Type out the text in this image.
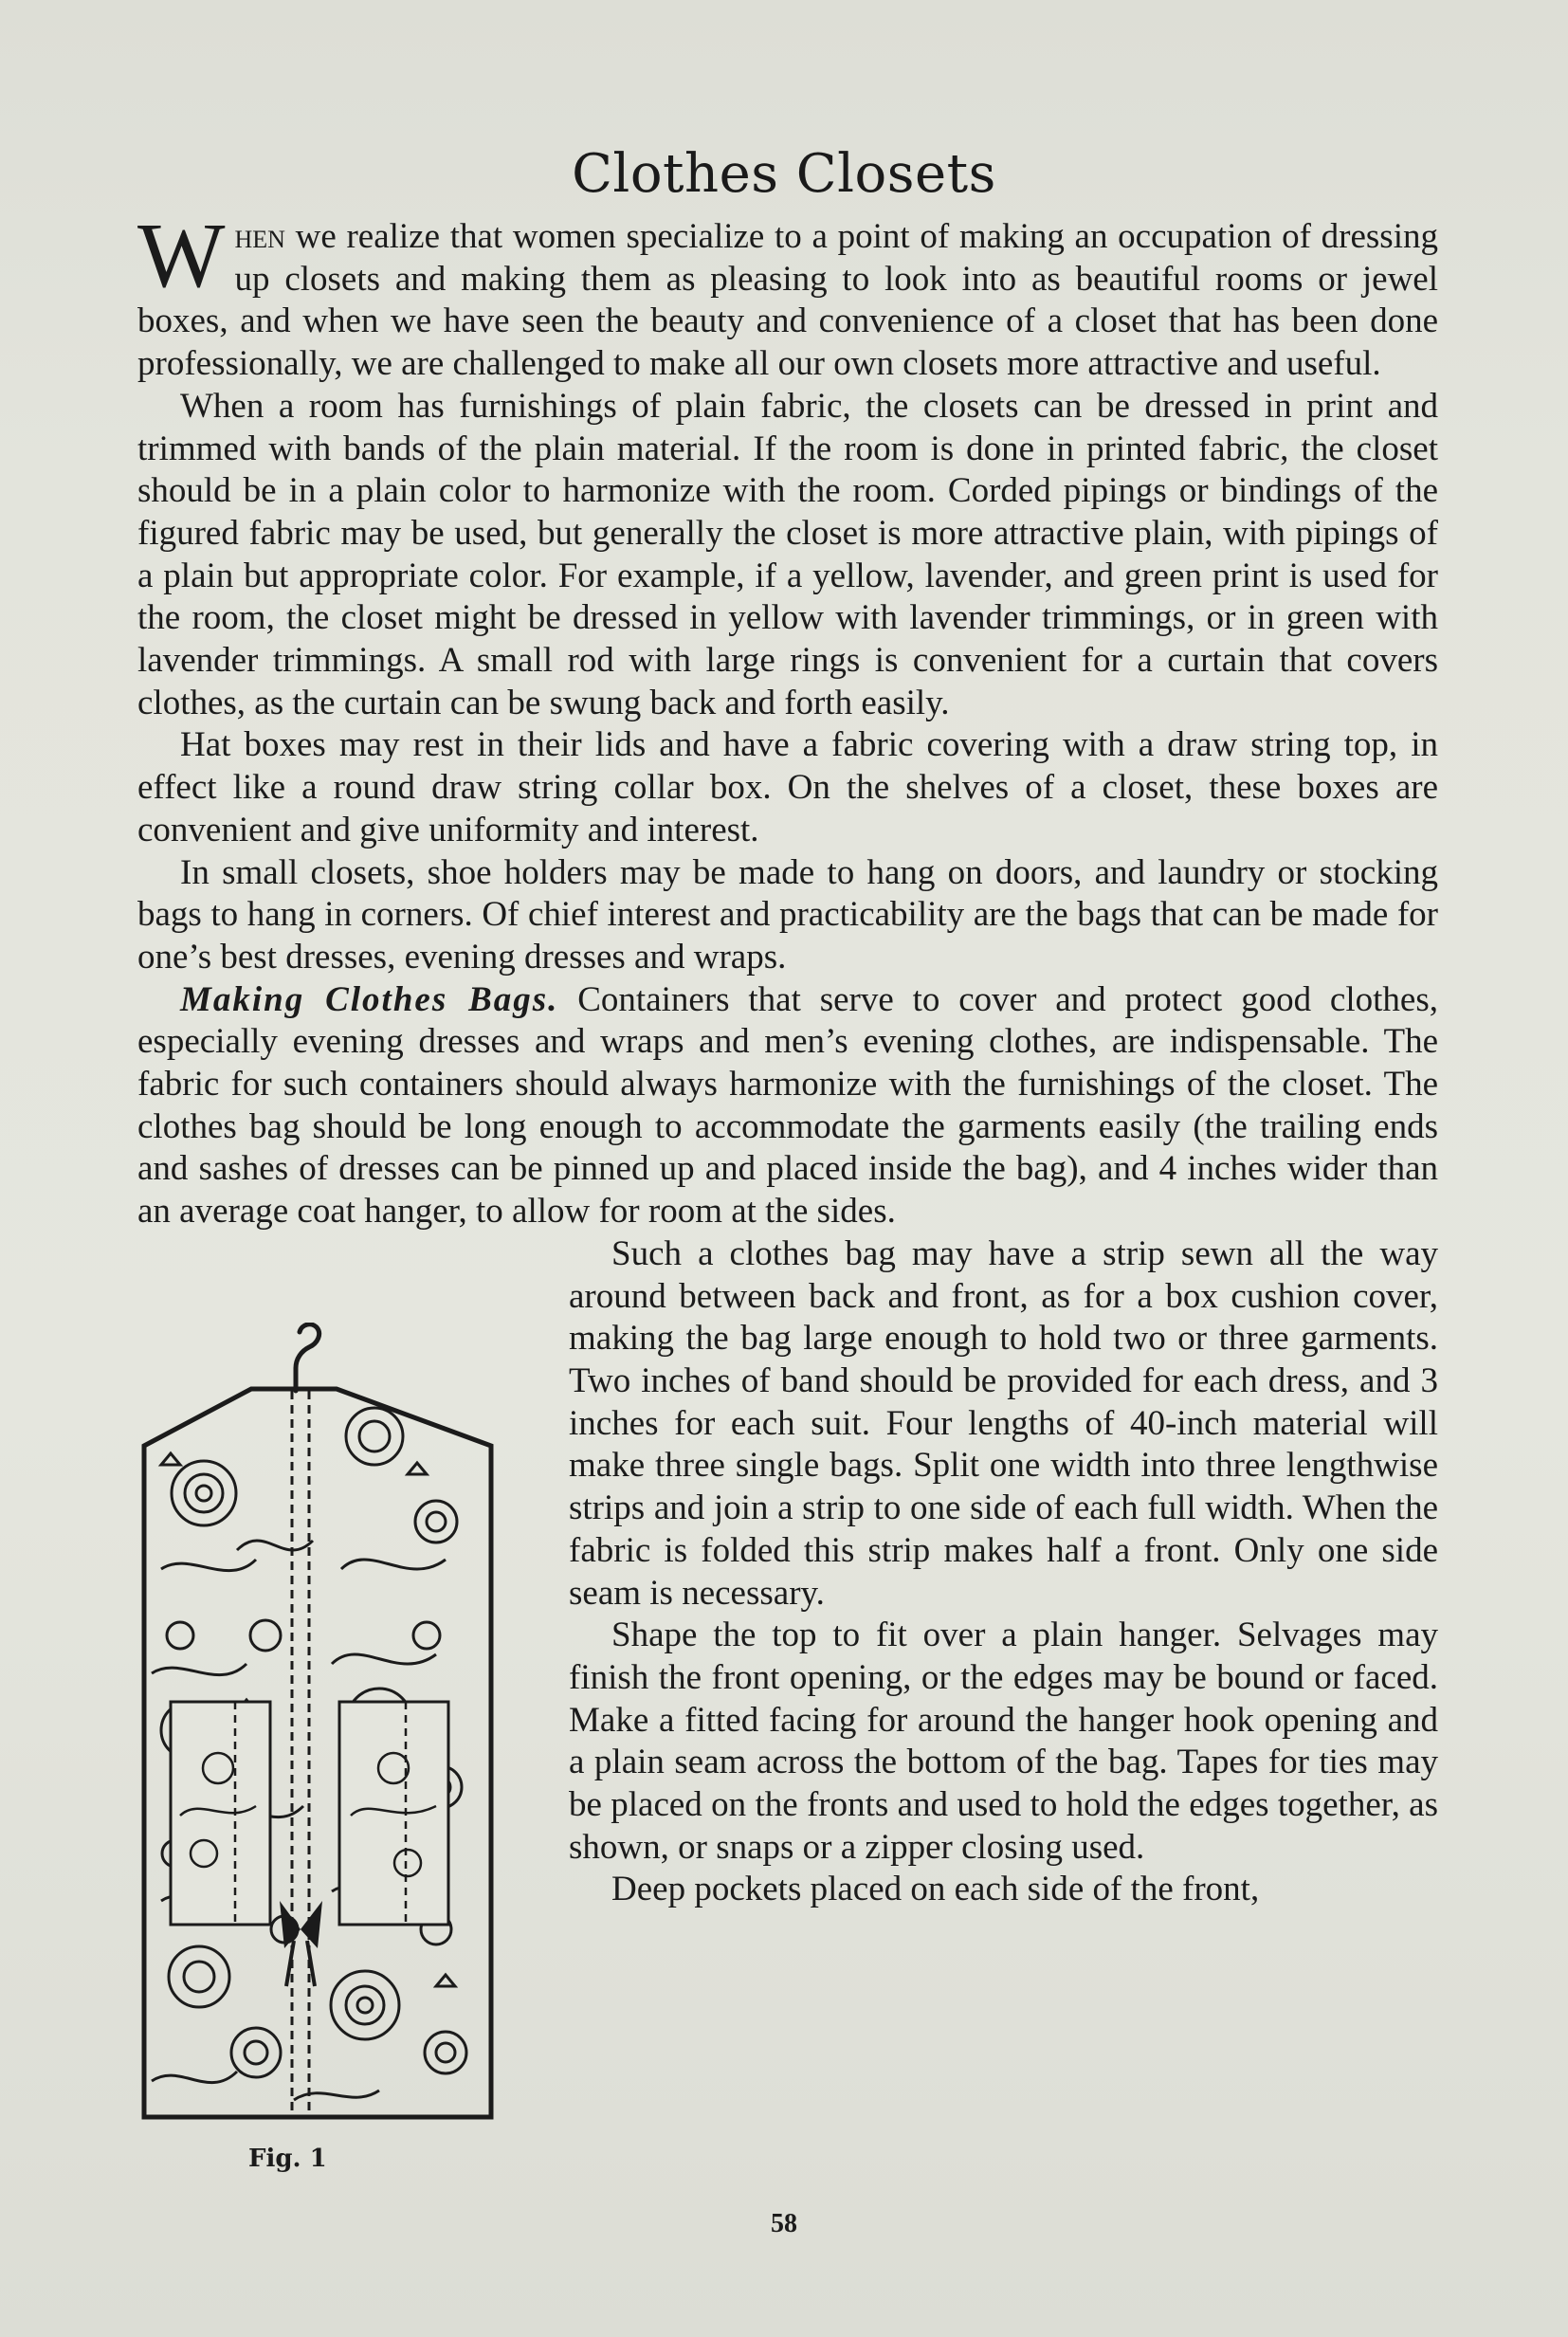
Clothes Closets

When we realize that women specialize to a point of making an occupation of dressing up closets and making them as pleasing to look into as beautiful rooms or jewel boxes, and when we have seen the beauty and convenience of a closet that has been done professionally, we are challenged to make all our own closets more attractive and useful.

When a room has furnishings of plain fabric, the closets can be dressed in print and trimmed with bands of the plain material. If the room is done in printed fabric, the closet should be in a plain color to harmonize with the room. Corded pipings or bindings of the figured fabric may be used, but generally the closet is more attractive plain, with pipings of a plain but appropriate color. For example, if a yellow, lavender, and green print is used for the room, the closet might be dressed in yellow with lavender trimmings, or in green with lavender trimmings. A small rod with large rings is convenient for a curtain that covers clothes, as the curtain can be swung back and forth easily.

Hat boxes may rest in their lids and have a fabric covering with a draw string top, in effect like a round draw string collar box. On the shelves of a closet, these boxes are convenient and give uniformity and interest.

In small closets, shoe holders may be made to hang on doors, and laundry or stocking bags to hang in corners. Of chief interest and practicability are the bags that can be made for one’s best dresses, evening dresses and wraps.

Making Clothes Bags. Containers that serve to cover and protect good clothes, especially evening dresses and wraps and men’s evening clothes, are indispensable. The fabric for such containers should always harmonize with the furnishings of the closet. The clothes bag should be long enough to accommodate the garments easily (the trailing ends and sashes of dresses can be pinned up and placed inside the bag), and 4 inches wider than an average coat hanger, to allow for room at the sides.

Such a clothes bag may have a strip sewn all the way around between back and front, as for a box cushion cover, making the bag large enough to hold two or three garments. Two inches of band should be provided for each dress, and 3 inches for each suit. Four lengths of 40-inch material will make three single bags. Split one width into three lengthwise strips and join a strip to one side of each full width. When the fabric is folded this strip makes half a front. Only one side seam is necessary.

Shape the top to fit over a plain hanger. Selvages may finish the front opening, or the edges may be bound or faced. Make a fitted facing for around the hanger hook opening and a plain seam across the bottom of the bag. Tapes for ties may be placed on the fronts and used to hold the edges together, as shown, or snaps or a zipper closing used.

Deep pockets placed on each side of the front,

Fig. 1
58
